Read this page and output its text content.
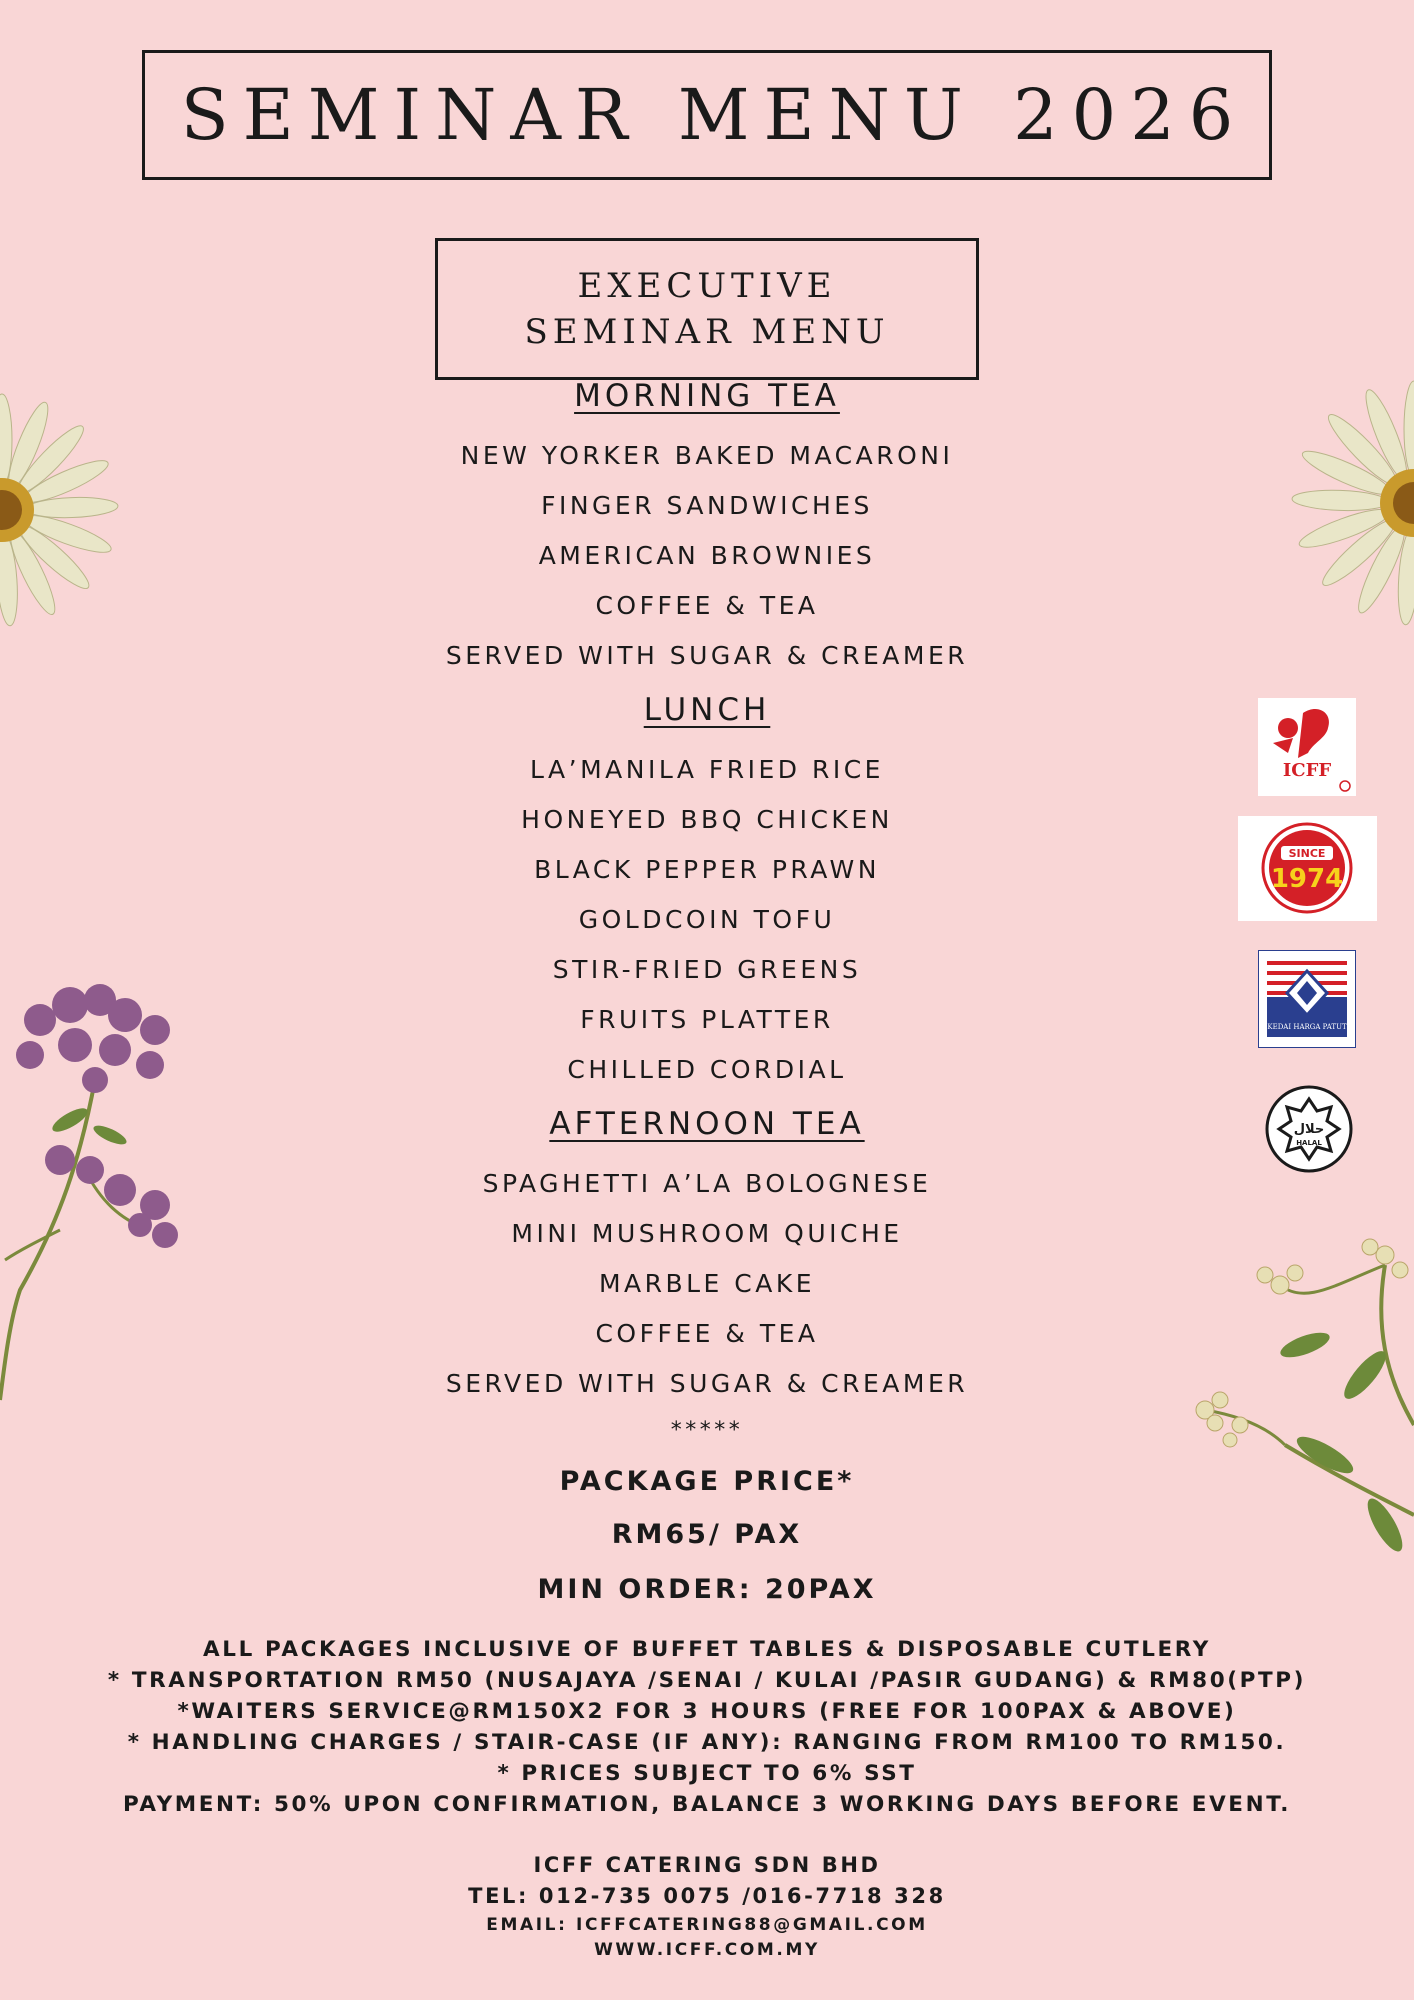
ICFF
SINCE
1974
KEDAI HARGA PATUT
حلال
HALAL
SEMINAR MENU 2026
EXECUTIVE SEMINAR MENU
MORNING TEA
NEW YORKER BAKED MACARONI
FINGER SANDWICHES
AMERICAN BROWNIES
COFFEE & TEA
SERVED WITH SUGAR & CREAMER
LUNCH
LA’MANILA FRIED RICE
HONEYED BBQ CHICKEN
BLACK PEPPER PRAWN
GOLDCOIN TOFU
STIR-FRIED GREENS
FRUITS PLATTER
CHILLED CORDIAL
AFTERNOON TEA
SPAGHETTI A’LA BOLOGNESE
MINI MUSHROOM QUICHE
MARBLE CAKE
COFFEE & TEA
SERVED WITH SUGAR & CREAMER
*****
PACKAGE PRICE*
RM65/ PAX
MIN ORDER: 20PAX
ALL PACKAGES INCLUSIVE OF BUFFET TABLES & DISPOSABLE CUTLERY
* TRANSPORTATION RM50 (NUSAJAYA /SENAI / KULAI /PASIR GUDANG) & RM80(PTP)
*WAITERS SERVICE@RM150X2 FOR 3 HOURS (FREE FOR 100PAX & ABOVE)
* HANDLING CHARGES / STAIR-CASE (IF ANY): RANGING FROM RM100 TO RM150.
* PRICES SUBJECT TO 6% SST
PAYMENT: 50% UPON CONFIRMATION, BALANCE 3 WORKING DAYS BEFORE EVENT.
ICFF CATERING SDN BHD
TEL: 012-735 0075 /016-7718 328
EMAIL: ICFFCATERING88@GMAIL.COM
WWW.ICFF.COM.MY
